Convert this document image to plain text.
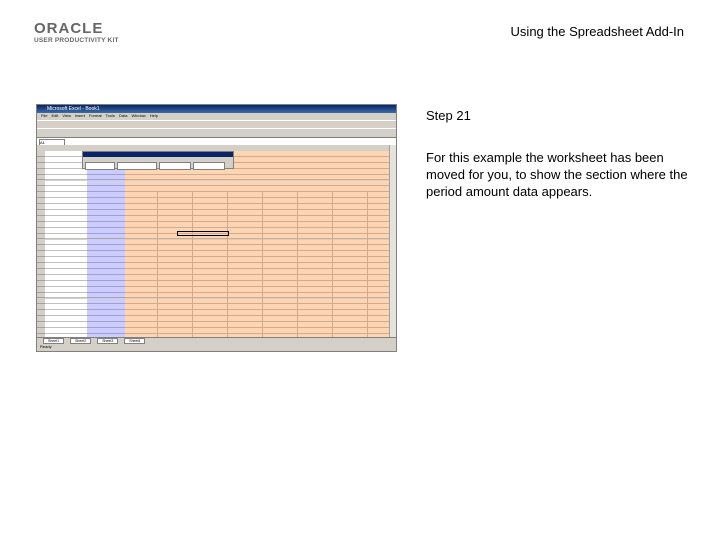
ORACLE
USER PRODUCTIVITY KIT
Using the Spreadsheet Add-In
Microsoft Excel - Book1
File Edit View Insert Format Tools Data Window Help
A1
Sheet1	Sheet2	Sheet3	Sheet4
Ready
Step 21
For this example the worksheet has been moved for you, to show the section where the period amount data appears.
